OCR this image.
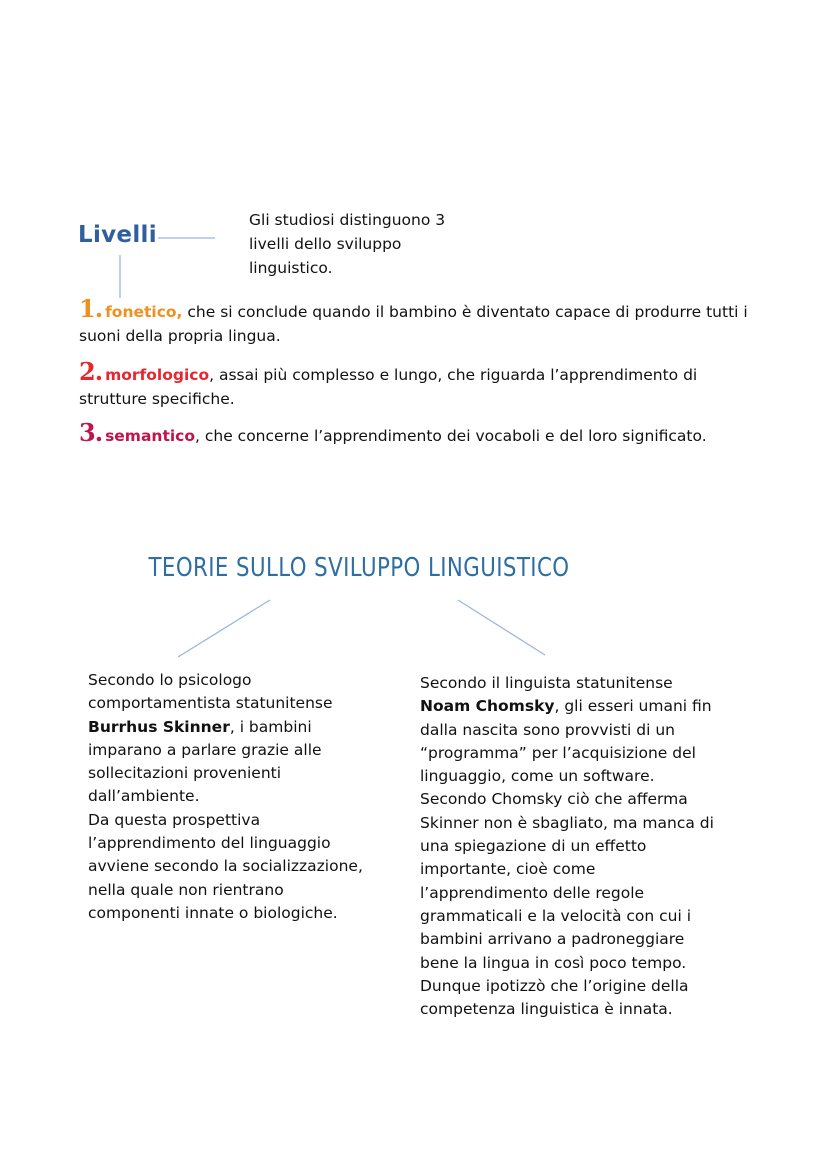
Livelli
Gli studiosi distinguono 3 livelli dello sviluppo linguistico.
1. fonetico, che si conclude quando il bambino è diventato capace di produrre tutti i suoni della propria lingua.
2. morfologico, assai più complesso e lungo, che riguarda l’apprendimento di strutture specifiche.
3. semantico, che concerne l’apprendimento dei vocaboli e del loro significato.
TEORIE SULLO SVILUPPO LINGUISTICO
Secondo lo psicologo comportamentista statunitense Burrhus Skinner, i bambini imparano a parlare grazie alle sollecitazioni provenienti dall’ambiente.
Da questa prospettiva l’apprendimento del linguaggio avviene secondo la socializzazione, nella quale non rientrano componenti innate o biologiche.
Secondo il linguista statunitense Noam Chomsky, gli esseri umani fin dalla nascita sono provvisti di un “programma” per l’acquisizione del linguaggio, come un software.
Secondo Chomsky ciò che afferma Skinner non è sbagliato, ma manca di una spiegazione di un effetto importante, cioè come l’apprendimento delle regole grammaticali e la velocità con cui i bambini arrivano a padroneggiare bene la lingua in così poco tempo. Dunque ipotizzò che l’origine della competenza linguistica è innata.
